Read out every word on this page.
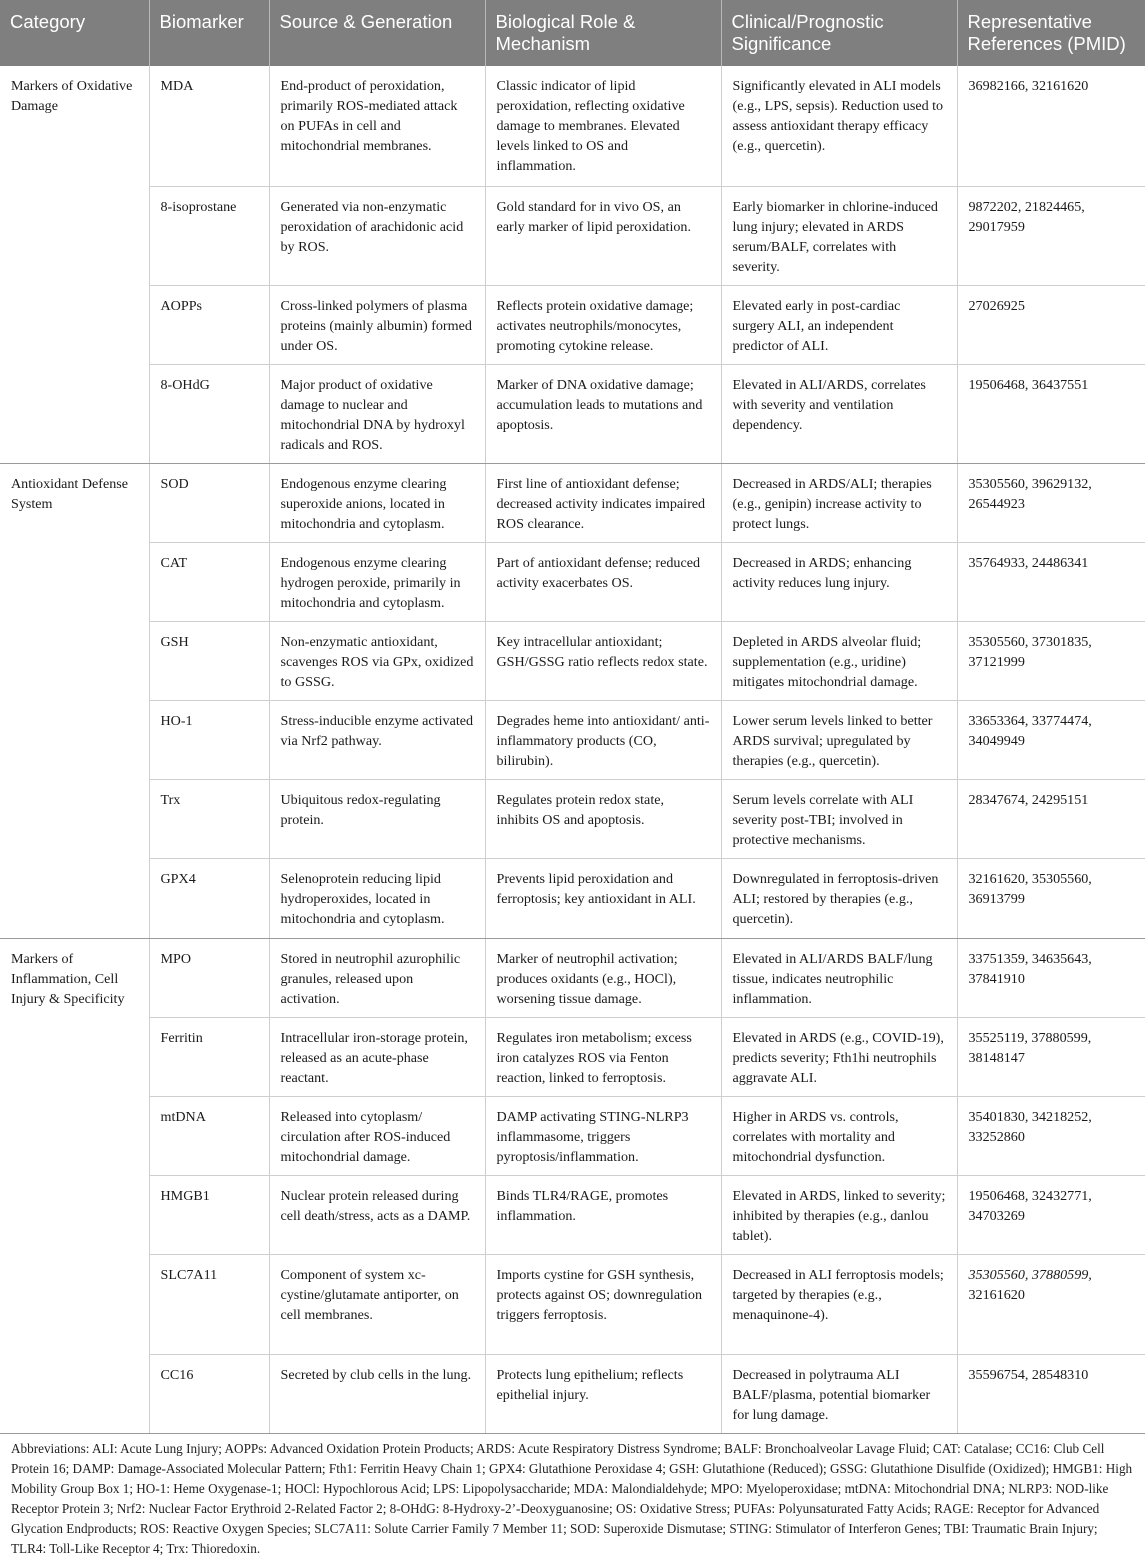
Category	Biomarker	Source & Generation	Biological Role & Mechanism	Clinical/Prognostic Significance	Representative References (PMID)
Markers of Oxidative Damage	MDA	End-product of peroxidation, primarily ROS-mediated attack on PUFAs in cell and mitochondrial membranes.	Classic indicator of lipid peroxidation, reflecting oxidative damage to membranes. Elevated levels linked to OS and inflammation.	Significantly elevated in ALI models (e.g., LPS, sepsis). Reduction used to assess antioxidant therapy efficacy (e.g., quercetin).	36982166, 32161620
	8-isoprostane	Generated via non-enzymatic peroxidation of arachidonic acid by ROS.	Gold standard for in vivo OS, an early marker of lipid peroxidation.	Early biomarker in chlorine-induced lung injury; elevated in ARDS serum/BALF, correlates with severity.	9872202, 21824465, 29017959
	AOPPs	Cross-linked polymers of plasma proteins (mainly albumin) formed under OS.	Reflects protein oxidative damage; activates neutrophils/monocytes, promoting cytokine release.	Elevated early in post-cardiac surgery ALI, an independent predictor of ALI.	27026925
	8-OHdG	Major product of oxidative damage to nuclear and mitochondrial DNA by hydroxyl radicals and ROS.	Marker of DNA oxidative damage; accumulation leads to mutations and apoptosis.	Elevated in ALI/ARDS, correlates with severity and ventilation dependency.	19506468, 36437551
Antioxidant Defense System	SOD	Endogenous enzyme clearing superoxide anions, located in mitochondria and cytoplasm.	First line of antioxidant defense; decreased activity indicates impaired ROS clearance.	Decreased in ARDS/ALI; therapies (e.g., genipin) increase activity to protect lungs.	35305560, 39629132, 26544923
	CAT	Endogenous enzyme clearing hydrogen peroxide, primarily in mitochondria and cytoplasm.	Part of antioxidant defense; reduced activity exacerbates OS.	Decreased in ARDS; enhancing activity reduces lung injury.	35764933, 24486341
	GSH	Non-enzymatic antioxidant, scavenges ROS via GPx, oxidized to GSSG.	Key intracellular antioxidant; GSH/GSSG ratio reflects redox state.	Depleted in ARDS alveolar fluid; supplementation (e.g., uridine) mitigates mitochondrial damage.	35305560, 37301835, 37121999
	HO-1	Stress-inducible enzyme activated via Nrf2 pathway.	Degrades heme into antioxidant/ anti-inflammatory products (CO, bilirubin).	Lower serum levels linked to better ARDS survival; upregulated by therapies (e.g., quercetin).	33653364, 33774474, 34049949
	Trx	Ubiquitous redox-regulating protein.	Regulates protein redox state, inhibits OS and apoptosis.	Serum levels correlate with ALI severity post-TBI; involved in protective mechanisms.	28347674, 24295151
	GPX4	Selenoprotein reducing lipid hydroperoxides, located in mitochondria and cytoplasm.	Prevents lipid peroxidation and ferroptosis; key antioxidant in ALI.	Downregulated in ferroptosis-driven ALI; restored by therapies (e.g., quercetin).	32161620, 35305560, 36913799
Markers of Inflammation, Cell Injury & Specificity	MPO	Stored in neutrophil azurophilic granules, released upon activation.	Marker of neutrophil activation; produces oxidants (e.g., HOCl), worsening tissue damage.	Elevated in ALI/ARDS BALF/lung tissue, indicates neutrophilic inflammation.	33751359, 34635643, 37841910
	Ferritin	Intracellular iron-storage protein, released as an acute-phase reactant.	Regulates iron metabolism; excess iron catalyzes ROS via Fenton reaction, linked to ferroptosis.	Elevated in ARDS (e.g., COVID-19), predicts severity; Fth1hi neutrophils aggravate ALI.	35525119, 37880599, 38148147
	mtDNA	Released into cytoplasm/ circulation after ROS-induced mitochondrial damage.	DAMP activating STING-NLRP3 inflammasome, triggers pyroptosis/inflammation.	Higher in ARDS vs. controls, correlates with mortality and mitochondrial dysfunction.	35401830, 34218252, 33252860
	HMGB1	Nuclear protein released during cell death/stress, acts as a DAMP.	Binds TLR4/RAGE, promotes inflammation.	Elevated in ARDS, linked to severity; inhibited by therapies (e.g., danlou tablet).	19506468, 32432771, 34703269
	SLC7A11	Component of system xc- cystine/glutamate antiporter, on cell membranes.	Imports cystine for GSH synthesis, protects against OS; downregulation triggers ferroptosis.	Decreased in ALI ferroptosis models; targeted by therapies (e.g., menaquinone-4).	35305560, 37880599, 32161620
	CC16	Secreted by club cells in the lung.	Protects lung epithelium; reflects epithelial injury.	Decreased in polytrauma ALI BALF/plasma, potential biomarker for lung damage.	35596754, 28548310
Abbreviations: ALI: Acute Lung Injury; AOPPs: Advanced Oxidation Protein Products; ARDS: Acute Respiratory Distress Syndrome; BALF: Bronchoalveolar Lavage Fluid; CAT: Catalase; CC16: Club Cell Protein 16; DAMP: Damage-Associated Molecular Pattern; Fth1: Ferritin Heavy Chain 1; GPX4: Glutathione Peroxidase 4; GSH: Glutathione (Reduced); GSSG: Glutathione Disulfide (Oxidized); HMGB1: High Mobility Group Box 1; HO-1: Heme Oxygenase-1; HOCl: Hypochlorous Acid; LPS: Lipopolysaccharide; MDA: Malondialdehyde; MPO: Myeloperoxidase; mtDNA: Mitochondrial DNA; NLRP3: NOD-like Receptor Protein 3; Nrf2: Nuclear Factor Erythroid 2-Related Factor 2; 8-OHdG: 8-Hydroxy-2’-Deoxyguanosine; OS: Oxidative Stress; PUFAs: Polyunsaturated Fatty Acids; RAGE: Receptor for Advanced Glycation Endproducts; ROS: Reactive Oxygen Species; SLC7A11: Solute Carrier Family 7 Member 11; SOD: Superoxide Dismutase; STING: Stimulator of Interferon Genes; TBI: Traumatic Brain Injury; TLR4: Toll-Like Receptor 4; Trx: Thioredoxin.
